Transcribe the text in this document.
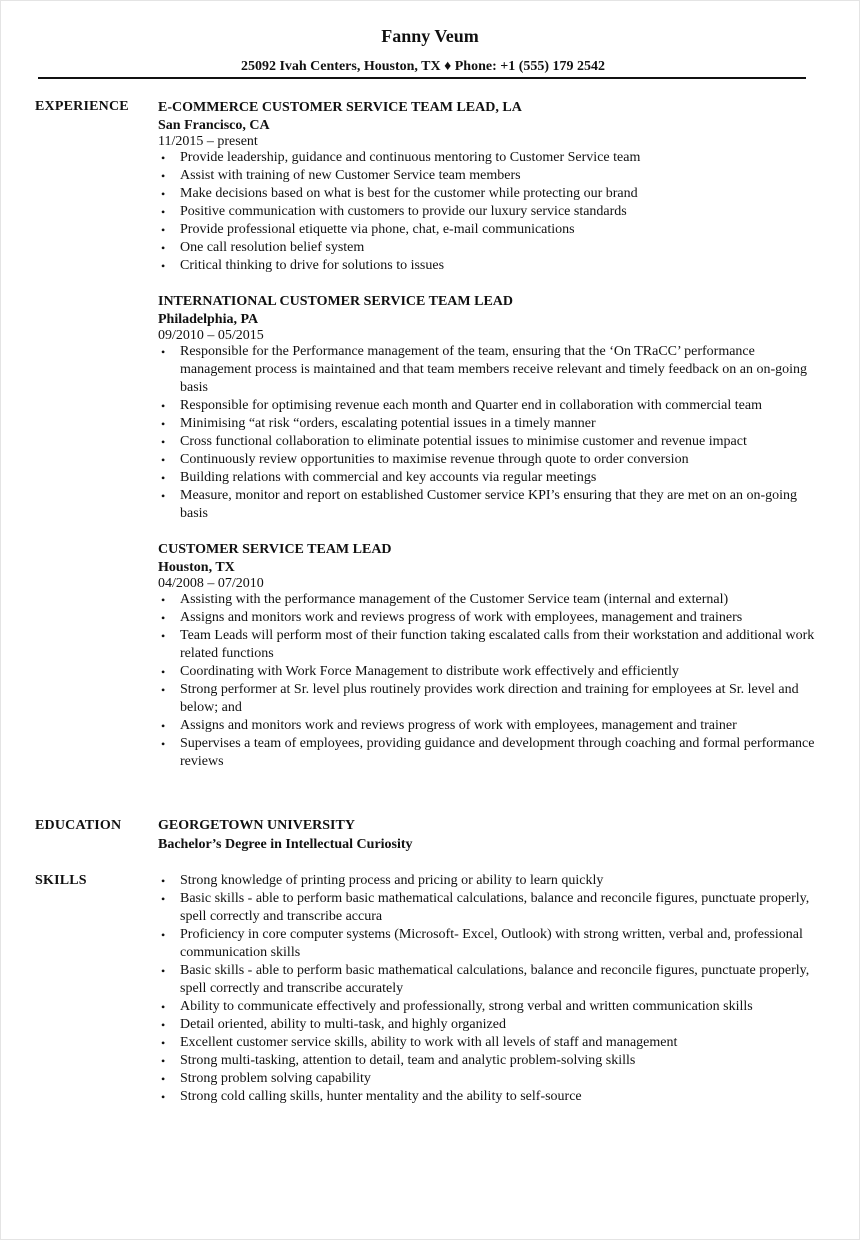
Fanny Veum
25092 Ivah Centers, Houston, TX ♦ Phone: +1 (555) 179 2542
EXPERIENCE E-COMMERCE CUSTOMER SERVICE TEAM LEAD, LA
San Francisco, CA
11/2015 – present
• Provide leadership, guidance and continuous mentoring to Customer Service team
• Assist with training of new Customer Service team members
• Make decisions based on what is best for the customer while protecting our brand
• Positive communication with customers to provide our luxury service standards
• Provide professional etiquette via phone, chat, e-mail communications
• One call resolution belief system
• Critical thinking to drive for solutions to issues
INTERNATIONAL CUSTOMER SERVICE TEAM LEAD
Philadelphia, PA
09/2010 – 05/2015
• Responsible for the Performance management of the team, ensuring that the ‘On TRaCC’ performance management process is maintained and that team members receive relevant and timely feedback on an on-going basis
• Responsible for optimising revenue each month and Quarter end in collaboration with commercial team
• Minimising “at risk “orders, escalating potential issues in a timely manner
• Cross functional collaboration to eliminate potential issues to minimise customer and revenue impact
• Continuously review opportunities to maximise revenue through quote to order conversion
• Building relations with commercial and key accounts via regular meetings
• Measure, monitor and report on established Customer service KPI’s ensuring that they are met on an on-going basis
CUSTOMER SERVICE TEAM LEAD
Houston, TX
04/2008 – 07/2010
• Assisting with the performance management of the Customer Service team (internal and external)
• Assigns and monitors work and reviews progress of work with employees, management and trainers
• Team Leads will perform most of their function taking escalated calls from their workstation and additional work related functions
• Coordinating with Work Force Management to distribute work effectively and efficiently
• Strong performer at Sr. level plus routinely provides work direction and training for employees at Sr. level and below; and
• Assigns and monitors work and reviews progress of work with employees, management and trainer
• Supervises a team of employees, providing guidance and development through coaching and formal performance reviews
EDUCATION	GEORGETOWN UNIVERSITY
Bachelor’s Degree in Intellectual Curiosity
SKILLS	• Strong knowledge of printing process and pricing or ability to learn quickly
• Basic skills - able to perform basic mathematical calculations, balance and reconcile figures, punctuate properly, spell correctly and transcribe accura
• Proficiency in core computer systems (Microsoft- Excel, Outlook) with strong written, verbal and, professional communication skills
• Basic skills - able to perform basic mathematical calculations, balance and reconcile figures, punctuate properly, spell correctly and transcribe accurately
• Ability to communicate effectively and professionally, strong verbal and written communication skills
• Detail oriented, ability to multi-task, and highly organized
• Excellent customer service skills, ability to work with all levels of staff and management
• Strong multi-tasking, attention to detail, team and analytic problem-solving skills
• Strong problem solving capability
• Strong cold calling skills, hunter mentality and the ability to self-source
